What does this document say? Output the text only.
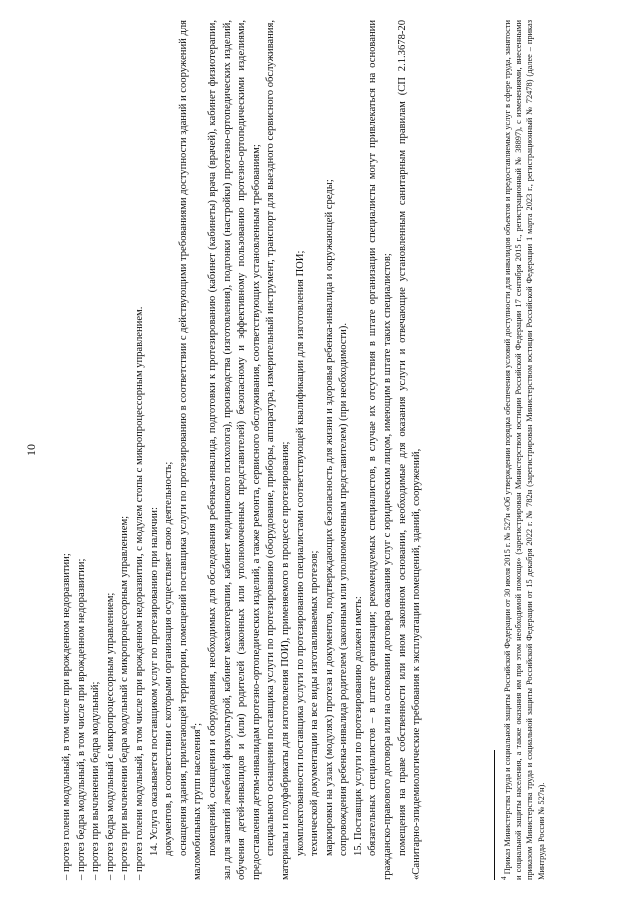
10

– протез голени модульный, в том числе при врожденном недоразвитии; – протез бедра модульный, в том числе при врожденном недоразвитии; – протез при вычленении бедра модульный; – протез бедра модульный с микропроцессорным управлением; – протез при вычленении бедра модульный с микропроцессорным управлением; – протез голени модульный, в том числе при врожденном недоразвитии, с модулем стопы с микропроцессорным управлением. 14. Услуга оказывается поставщиком услуг по протезированию при наличии: документов, в соответствии с которыми организация осуществляет свою деятельность; оснащения здания, прилегающей территории, помещений поставщика услуги по протезированию в соответствии с действующими требованиями доступности зданий и сооружений для маломобильных групп населения$^4$; помещений, оснащения и оборудования, необходимых для обследования ребенка-инвалида, подготовки к протезированию (кабинет (кабинеты) врача (врачей), кабинет физиотерапии, зал для занятий лечебной физкультурой, кабинет механотерапии, кабинет медицинского психолога), производства (изготовления), подгонки (настройки) протезно-ортопедических изделий, обучения детей-инвалидов и (или) родителей (законных или уполномоченных представителей) безопасному и эффективному пользованию протезно-ортопедическими изделиями, предоставления детям-инвалидам протезно-ортопедических изделий, а также ремонта, сервисного обслуживания, соответствующих установленным требованиям; специального оснащения поставщика услуги по протезированию (оборудование, приборы, аппаратура, измерительный инструмент, транспорт для выездного сервисного обслуживания, материалы и полуфабрикаты для изготовления ПОИ), применяемого в процессе протезирования; укомплектованности поставщика услуги по протезированию специалистами соответствующей квалификации для изготовления ПОИ; технической документации на все виды изготавливаемых протезов; маркировки на узлах (модулях) протеза и документов, подтверждающих безопасность для жизни и здоровья ребенка-инвалида и окружающей среды; сопровождения ребенка-инвалида родителем (законным или уполномоченным представителем) (при необходимости). 15. Поставщик услуги по протезированию должен иметь: обязательных специалистов – в штате организации; рекомендуемых специалистов, в случае их отсутствия в штате организации специалисты могут привлекаться на основании гражданско-правового договора или на основании договора оказания услуг с юридическим лицом, имеющим в штате таких специалистов; помещения на праве собственности или ином законном основании, необходимые для оказания услуги и отвечающие установленным санитарным правилам (СП 2.1.3678-20 «Санитарно-эпидемиологические требования к эксплуатации помещений, зданий, сооружений,	$^4$ Приказ Министерства труда и социальной защиты Российской Федерации от 30 июля 2015 г. № 527н «Об утверждении порядка обеспечения условий доступности для инвалидов объектов и предоставляемых услуг в сфере труда, занятости и социальной защиты населения, а также оказания им при этом необходимой помощи» (зарегистрирован Министерством юстиции Российской Федерации 17 сентября 2015 г., регистрационный № 38897), с изменениями, внесенными приказом Министерства труда и социальной защиты Российской Федерации от 15 декабря 2022 г. № 782н (зарегистрирован Министерством юстиции Российской Федерации 1 марта 2023 г., регистрационный № 72478) (далее – приказ Минтруда России № 527н).
